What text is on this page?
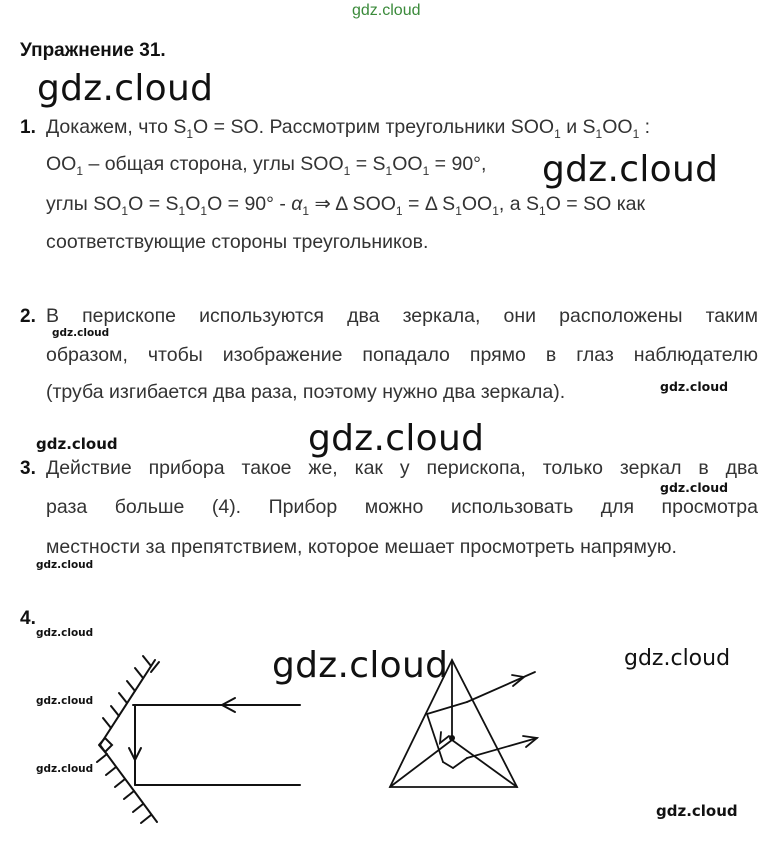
gdz.cloud
Упражнение 31.
gdz.cloud
1. Докажем, что $S_1O$ = SO. Рассмотрим треугольники $SOO_1$ и $S_1OO_1$ :
$OO_1$ – общая сторона, углы $SOO_1 = S_1OO_1 = 90^\circ$, gdz.cloud
углы $SO_1O = S_1O_1O = 90^\circ - \alpha_1$ ⇒ Δ $SOO_1 = \Delta$ $S_1OO_1$, а $S_1O$ = SO как
соответствующие стороны треугольников.
2. В перископе используются два зеркала, они расположены таким
gdz.cloud
образом, чтобы изображение попадало прямо в глаз наблюдателю
(труба изгибается два раза, поэтому нужно два зеркала).	gdz.cloud
gdz.cloud	gdz.cloud
3. Действие прибора такое же, как у перископа, только зеркал в два
gdz.cloud
раза больше (4). Прибор можно использовать для просмотра
местности за препятствием, которое мешает просмотреть напрямую.
gdz.cloud
4.
gdz.cloud
gdz.cloud	gdz.cloud
gdz.cloud
gdz.cloud
gdz.cloud
